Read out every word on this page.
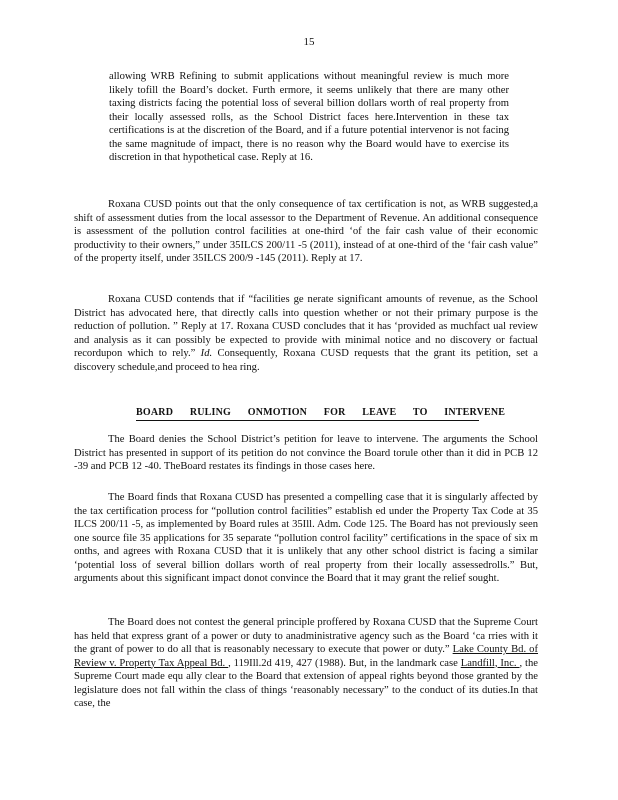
15
allowing WRB Refining to submit applications without meaningful review is much more likely tofill the Board’s docket. Furth ermore, it seems unlikely that there are many other taxing districts facing the potential loss of several billion dollars worth of real property from their locally assessed rolls, as the School District faces here.Intervention in these tax certifications is at the discretion of the Board, and if a future potential intervenor is not facing the same magnitude of impact, there is no reason why the Board would have to exercise its discretion in that hypothetical case. Reply at 16.
Roxana CUSD points out that the only consequence of tax certification is not, as WRB suggested,a shift of assessment duties from the local assessor to the Department of Revenue. An additional consequence is assessment of the pollution control facilities at one-third ‘of the fair cash value of their economic productivity to their owners,” under 35ILCS 200/11 -5 (2011), instead of at one-third of the ‘fair cash value” of the property itself, under 35ILCS 200/9 -145 (2011). Reply at 17.
Roxana CUSD contends that if “facilities ge nerate significant amounts of revenue, as the School District has advocated here, that directly calls into question whether or not their primary purpose is the reduction of pollution. ” Reply at 17. Roxana CUSD concludes that it has ‘provided as muchfact ual review and analysis as it can possibly be expected to provide with minimal notice and no discovery or factual recordupon which to rely.” Id. Consequently, Roxana CUSD requests that the grant its petition, set a discovery schedule,and proceed to hea ring.
BOARD RULING ONMOTION FOR LEAVE TO INTERVENE
The Board denies the School District’s petition for leave to intervene. The arguments the School District has presented in support of its petition do not convince the Board torule other than it did in PCB 12 -39 and PCB 12 -40. TheBoard restates its findings in those cases here.
The Board finds that Roxana CUSD has presented a compelling case that it is singularly affected by the tax certification process for “pollution control facilities” establish ed under the Property Tax Code at 35 ILCS 200/11 -5, as implemented by Board rules at 35Ill. Adm. Code 125. The Board has not previously seen one source file 35 applications for 35 separate “pollution control facility” certifications in the space of six m onths, and agrees with Roxana CUSD that it is unlikely that any other school district is facing a similar ‘potential loss of several billion dollars worth of real property from their locally assessedrolls.” But, arguments about this significant impact donot convince the Board that it may grant the relief sought.
The Board does not contest the general principle proffered by Roxana CUSD that the Supreme Court has held that express grant of a power or duty to anadministrative agency such as the Board ‘ca rries with it the grant of power to do all that is reasonably necessary to execute that power or duty.” Lake County Bd. of Review v. Property Tax Appeal Bd. , 119Ill.2d 419, 427 (1988). But, in the landmark case Landfill, Inc. , the Supreme Court made equ ally clear to the Board that extension of appeal rights beyond those granted by the legislature does not fall within the class of things ‘reasonably necessary” to the conduct of its duties.In that case, the
